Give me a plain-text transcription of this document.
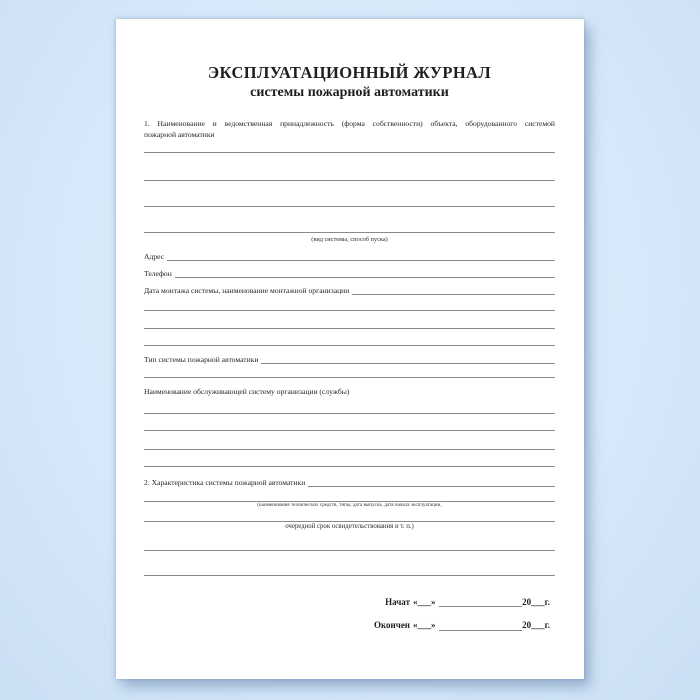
ЭКСПЛУАТАЦИОННЫЙ ЖУРНАЛ
системы пожарной автоматики

1. Наименование и ведомственная принадлежность (форма собственности) объекта, оборудованного системой

пожарной автоматики

(вид системы, способ пуска)
Адрес
Телефон
Дата монтажа системы, наименование монтажной организации
Тип системы пожарной автоматики

Наименование обслуживающей систему организации (службы)

2. Характеристика системы пожарной автоматики
(наименование технических средств, типы, дата выпуска, дата начала эксплуатации,
очередной срок освидетельствования и т. п.)
Начат «___»	20___г.
Окончен «___»	20___г.
